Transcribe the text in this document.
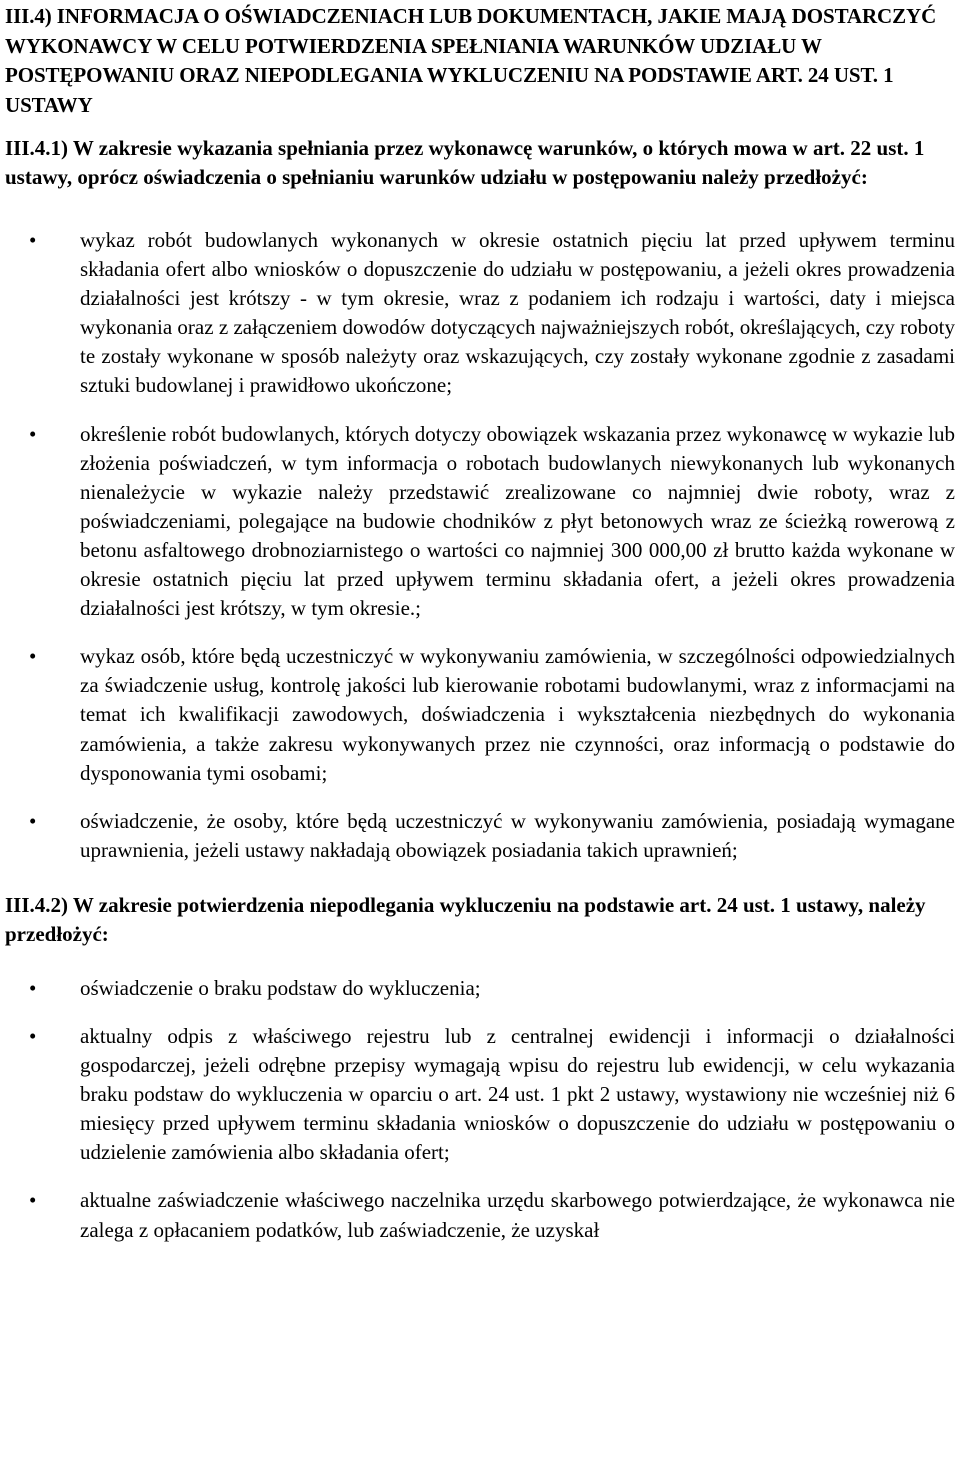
III.4) INFORMACJA O OŚWIADCZENIACH LUB DOKUMENTACH, JAKIE MAJĄ DOSTARCZYĆ WYKONAWCY W CELU POTWIERDZENIA SPEŁNIANIA WARUNKÓW UDZIAŁU W POSTĘPOWANIU ORAZ NIEPODLEGANIA WYKLUCZENIU NA PODSTAWIE ART. 24 UST. 1 USTAWY
III.4.1) W zakresie wykazania spełniania przez wykonawcę warunków, o których mowa w art. 22 ust. 1 ustawy, oprócz oświadczenia o spełnianiu warunków udziału w postępowaniu należy przedłożyć:
• wykaz robót budowlanych wykonanych w okresie ostatnich pięciu lat przed upływem terminu składania ofert albo wniosków o dopuszczenie do udziału w postępowaniu, a jeżeli okres prowadzenia działalności jest krótszy - w tym okresie, wraz z podaniem ich rodzaju i wartości, daty i miejsca wykonania oraz z załączeniem dowodów dotyczących najważniejszych robót, określających, czy roboty te zostały wykonane w sposób należyty oraz wskazujących, czy zostały wykonane zgodnie z zasadami sztuki budowlanej i prawidłowo ukończone;
• określenie robót budowlanych, których dotyczy obowiązek wskazania przez wykonawcę w wykazie lub złożenia poświadczeń, w tym informacja o robotach budowlanych niewykonanych lub wykonanych nienależycie w wykazie należy przedstawić zrealizowane co najmniej dwie roboty, wraz z poświadczeniami, polegające na budowie chodników z płyt betonowych wraz ze ścieżką rowerową z betonu asfaltowego drobnoziarnistego o wartości co najmniej 300 000,00 zł brutto każda wykonane w okresie ostatnich pięciu lat przed upływem terminu składania ofert, a jeżeli okres prowadzenia działalności jest krótszy, w tym okresie.;
• wykaz osób, które będą uczestniczyć w wykonywaniu zamówienia, w szczególności odpowiedzialnych za świadczenie usług, kontrolę jakości lub kierowanie robotami budowlanymi, wraz z informacjami na temat ich kwalifikacji zawodowych, doświadczenia i wykształcenia niezbędnych do wykonania zamówienia, a także zakresu wykonywanych przez nie czynności, oraz informacją o podstawie do dysponowania tymi osobami;
• oświadczenie, że osoby, które będą uczestniczyć w wykonywaniu zamówienia, posiadają wymagane uprawnienia, jeżeli ustawy nakładają obowiązek posiadania takich uprawnień;
III.4.2) W zakresie potwierdzenia niepodlegania wykluczeniu na podstawie art. 24 ust. 1 ustawy, należy przedłożyć:
• oświadczenie o braku podstaw do wykluczenia;
• aktualny odpis z właściwego rejestru lub z centralnej ewidencji i informacji o działalności gospodarczej, jeżeli odrębne przepisy wymagają wpisu do rejestru lub ewidencji, w celu wykazania braku podstaw do wykluczenia w oparciu o art. 24 ust. 1 pkt 2 ustawy, wystawiony nie wcześniej niż 6 miesięcy przed upływem terminu składania wniosków o dopuszczenie do udziału w postępowaniu o udzielenie zamówienia albo składania ofert;
• aktualne zaświadczenie właściwego naczelnika urzędu skarbowego potwierdzające, że wykonawca nie zalega z opłacaniem podatków, lub zaświadczenie, że uzyskał
